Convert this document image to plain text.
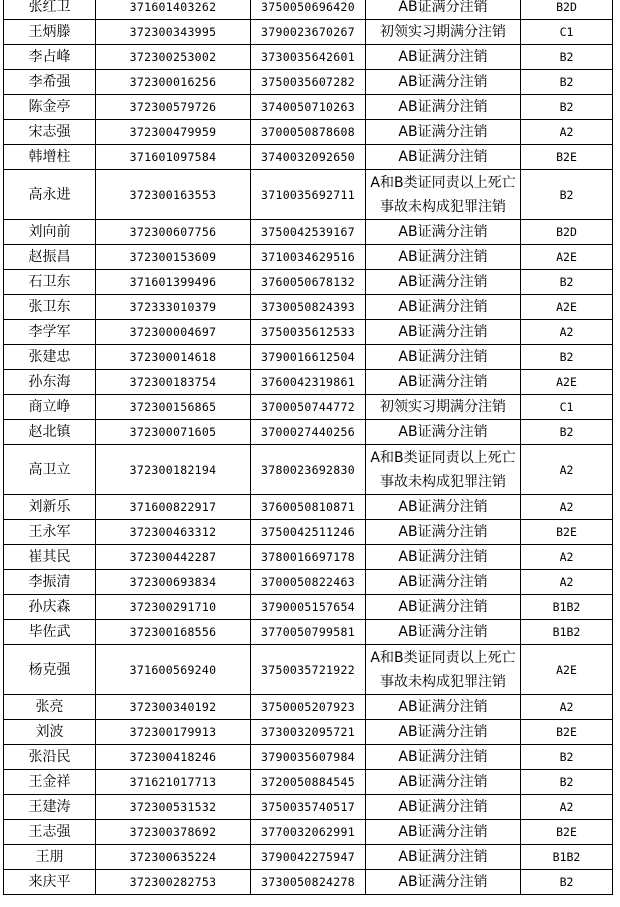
张红卫	371601403262	3750050696420	AB证满分注销	B2D
王炳滕	372300343995	3790023670267	初领实习期满分注销	C1
李占峰	372300253002	3730035642601	AB证满分注销	B2
李希强	372300016256	3750035607282	AB证满分注销	B2
陈金亭	372300579726	3740050710263	AB证满分注销	B2
宋志强	372300479959	3700050878608	AB证满分注销	A2
韩增柱	371601097584	3740032092650	AB证满分注销	B2E
高永进	372300163553	3710035692711	A和B类证同责以上死亡事故未构成犯罪注销	B2
刘向前	372300607756	3750042539167	AB证满分注销	B2D
赵振昌	372300153609	3710034629516	AB证满分注销	A2E
石卫东	371601399496	3760050678132	AB证满分注销	B2
张卫东	372333010379	3730050824393	AB证满分注销	A2E
李学军	372300004697	3750035612533	AB证满分注销	A2
张建忠	372300014618	3790016612504	AB证满分注销	B2
孙东海	372300183754	3760042319861	AB证满分注销	A2E
商立峥	372300156865	3700050744772	初领实习期满分注销	C1
赵北镇	372300071605	3700027440256	AB证满分注销	B2
高卫立	372300182194	3780023692830	A和B类证同责以上死亡事故未构成犯罪注销	A2
刘新乐	371600822917	3760050810871	AB证满分注销	A2
王永军	372300463312	3750042511246	AB证满分注销	B2E
崔其民	372300442287	3780016697178	AB证满分注销	A2
李振清	372300693834	3700050822463	AB证满分注销	A2
孙庆森	372300291710	3790005157654	AB证满分注销	B1B2
毕佐武	372300168556	3770050799581	AB证满分注销	B1B2
杨克强	371600569240	3750035721922	A和B类证同责以上死亡事故未构成犯罪注销	A2E
张亮	372300340192	3750005207923	AB证满分注销	A2
刘波	372300179913	3730032095721	AB证满分注销	B2E
张沿民	372300418246	3790035607984	AB证满分注销	B2
王金祥	371621017713	3720050884545	AB证满分注销	B2
王建涛	372300531532	3750035740517	AB证满分注销	A2
王志强	372300378692	3770032062991	AB证满分注销	B2E
王朋	372300635224	3790042275947	AB证满分注销	B1B2
来庆平	372300282753	3730050824278	AB证满分注销	B2
